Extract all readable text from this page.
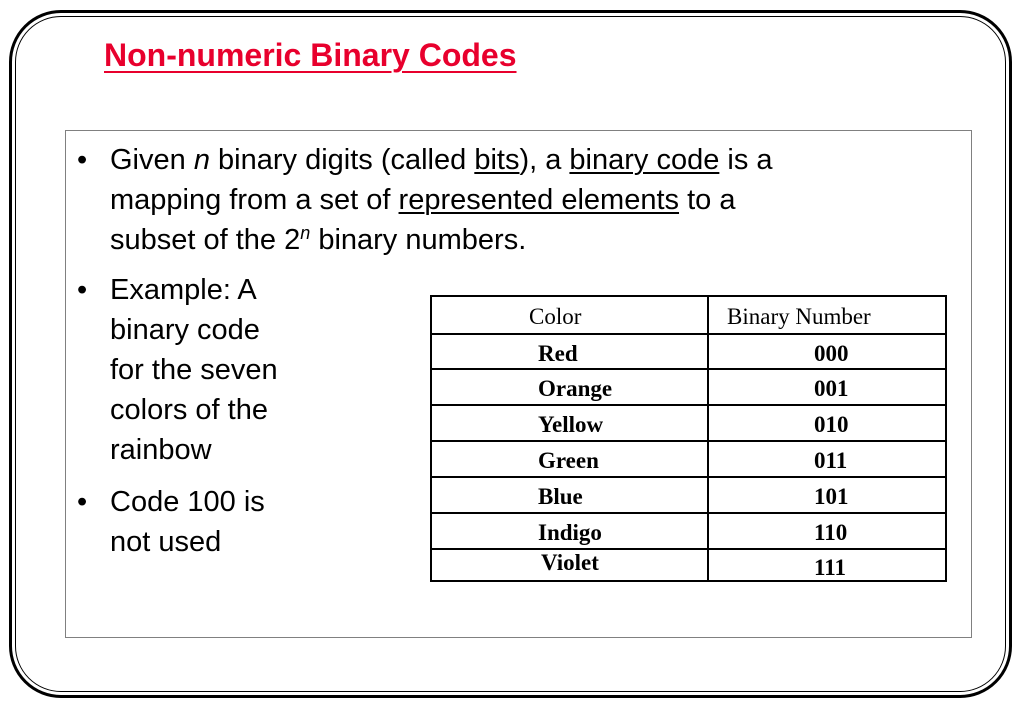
Non-numeric Binary Codes
• Given n binary digits (called bits), a binary code is a
mapping from a set of represented elements to a
subset of the 2$^n$ binary numbers.
• Example: A
binary code
for the seven
colors of the
rainbow
• Code 100 is
not used
Color	Binary Number
Red	000
Orange	001
Yellow	010
Green	011
Blue	101
Indigo	110
Violet	111
